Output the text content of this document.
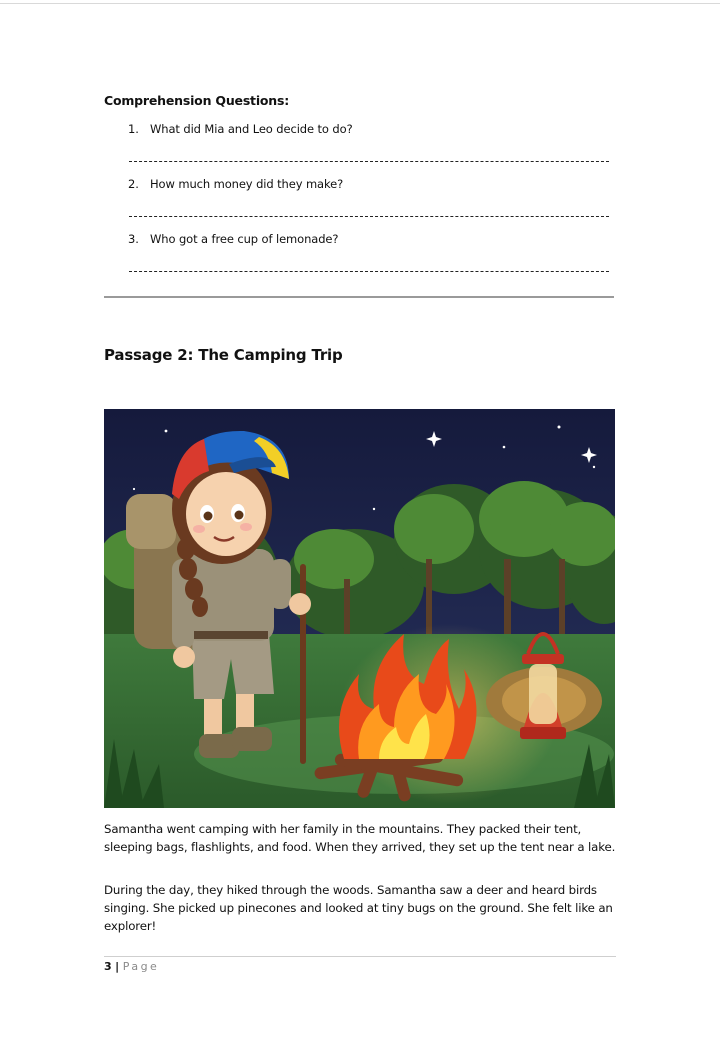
Comprehension Questions:
1. What did Mia and Leo decide to do?
2. How much money did they make?
3. Who got a free cup of lemonade?
Passage 2: The Camping Trip

Samantha went camping with her family in the mountains. They packed their tent, sleeping bags, flashlights, and food. When they arrived, they set up the tent near a lake.

During the day, they hiked through the woods. Samantha saw a deer and heard birds singing. She picked up pinecones and looked at tiny bugs on the ground. She felt like an explorer!

3 | Page
